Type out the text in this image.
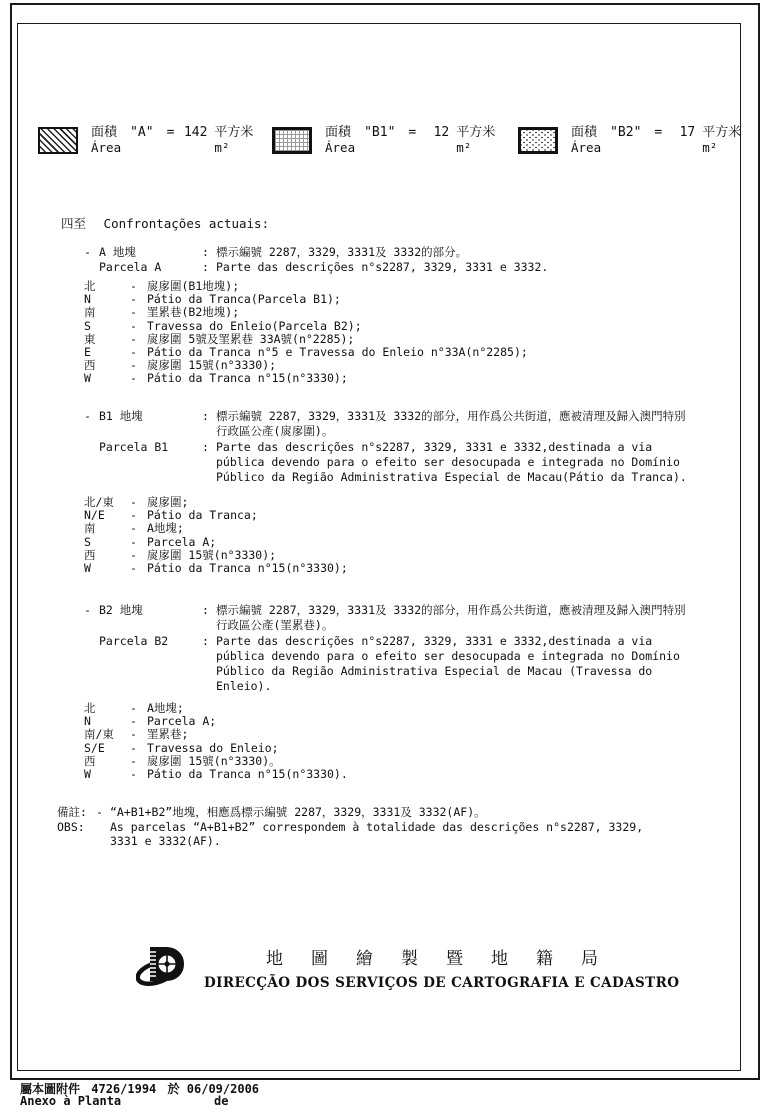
面積
Área
"A" = 142 平方米
m²
面積
Área
"B1" =	12 平方米
m²
面積
Área
"B2" =	17 平方米
m²
四至 Confrontações actuais:
- A 地塊	: 標示編號 2287，3329，3331及 3332的部分。
Parcela A	: Parte das descrições n°s2287, 3329, 3331 e 3332.
北	- 扊扅圍(B1地塊);
N	- Pátio da Tranca(Parcela B1);
南	- 罣累巷(B2地塊);
S	- Travessa do Enleio(Parcela B2);
東	- 扊扅圍 5號及罣累巷 33A號(n°2285);
E	- Pátio da Tranca n°5 e Travessa do Enleio n°33A(n°2285);
西	- 扊扅圍 15號(n°3330);
W	- Pátio da Tranca n°15(n°3330);
- B1 地塊	: 標示編號 2287，3329，3331及 3332的部分，用作爲公共街道，應被清理及歸入澳門特別
行政區公產(扊扅圍)。
Parcela B1	: Parte das descrições n°s2287, 3329, 3331 e 3332,destinada a via
pública devendo para o efeito ser desocupada e integrada no Domínio
Público da Região Administrativa Especial de Macau(Pátio da Tranca).
北/東	- 扊扅圍;
N/E	- Pátio da Tranca;
南	- A地塊;
S	- Parcela A;
西	- 扊扅圍 15號(n°3330);
W	- Pátio da Tranca n°15(n°3330);
- B2 地塊	: 標示編號 2287，3329，3331及 3332的部分，用作爲公共街道，應被清理及歸入澳門特別
行政區公產(罣累巷)。
Parcela B2	: Parte das descrições n°s2287, 3329, 3331 e 3332,destinada a via
pública devendo para o efeito ser desocupada e integrada no Domínio
Público da Região Administrativa Especial de Macau (Travessa do
Enleio).
北	- A地塊;
N	- Parcela A;
南/東	- 罣累巷;
S/E	- Travessa do Enleio;
西	- 扊扅圍 15號(n°3330)。
W	- Pátio da Tranca n°15(n°3330).
備註: - “A+B1+B2”地塊，相應爲標示編號 2287，3329，3331及 3332(AF)。
OBS:	As parcelas “A+B1+B2” correspondem à totalidade das descrições n°s2287, 3329,
3331 e 3332(AF).
地圖繪製暨地籍局
DIRECÇÃO DOS SERVIÇOS DE CARTOGRAFIA E CADASTRO
屬本圖附件 4726/1994 於 06/09/2006
Anexo à Planta	de
